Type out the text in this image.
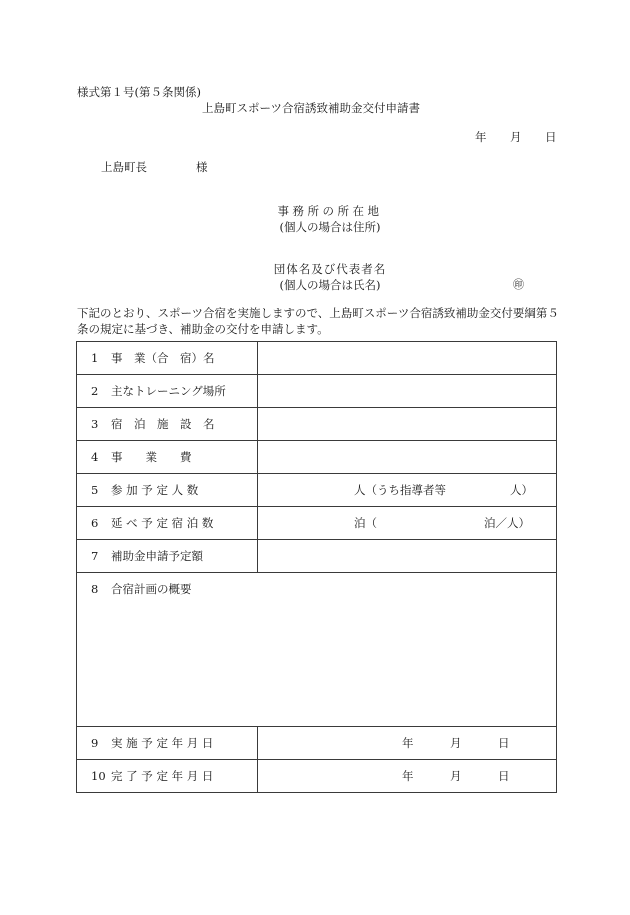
様式第１号(第５条関係)
上島町スポーツ合宿誘致補助金交付申請書
年 月 日
上島町長	様
事務所の所在地
(個人の場合は住所)
団体名及び代表者名
(個人の場合は氏名)	㊞
下記のとおり、スポーツ合宿を実施しますので、上島町スポーツ合宿誘致補助金交付要綱第５条の規定に基づき、補助金の交付を申請します。
1 事　業（合　宿）名	
2 主なトレーニング場所	
3 宿　泊　施　設　名	
4 事　　業　　費	
5 参 加 予 定 人 数	人（うち指導者等 人）

6 延 べ 予 定 宿 泊 数	泊（ 泊／人）

7 補助金申請予定額	
8 合宿計画の概要	
9 実 施 予 定 年 月 日	年 月 日

10 完 了 予 定 年 月 日	年 月 日
